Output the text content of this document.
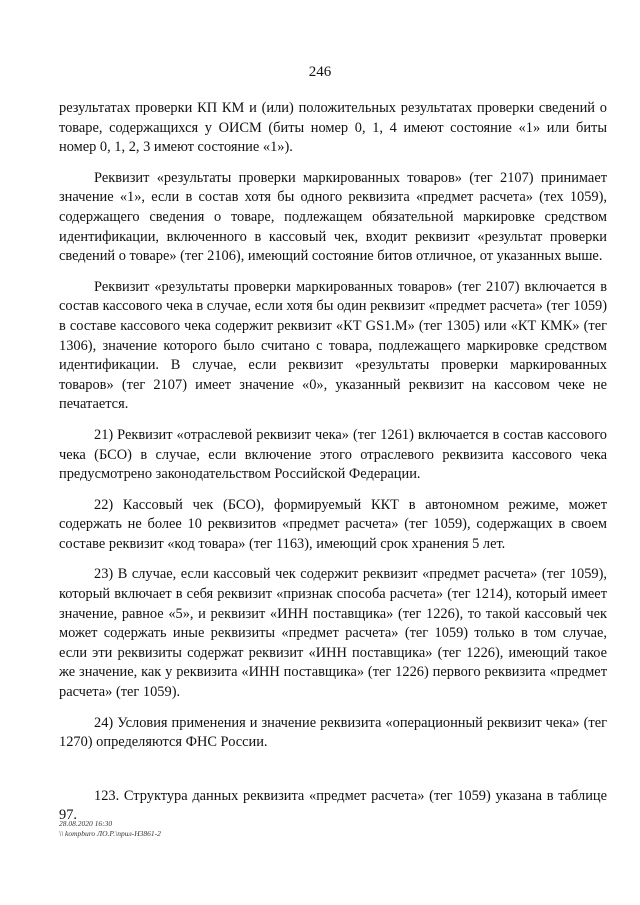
246

результатах проверки КП КМ и (или) положительных результатах проверки сведений о товаре, содержащихся у ОИСМ (биты номер 0, 1, 4 имеют состояние «1» или биты номер 0, 1, 2, 3 имеют состояние «1»).

Реквизит «результаты проверки маркированных товаров» (тег 2107) принимает значение «1», если в состав хотя бы одного реквизита «предмет расчета» (тех 1059), содержащего сведения о товаре, подлежащем обязательной маркировке средством идентификации, включенного в кассовый чек, входит реквизит «результат проверки сведений о товаре» (тег 2106), имеющий состояние битов отличное, от указанных выше.

Реквизит «результаты проверки маркированных товаров» (тег 2107) включается в состав кассового чека в случае, если хотя бы один реквизит «предмет расчета» (тег 1059) в составе кассового чека содержит реквизит «КТ GS1.M» (тег 1305) или «КТ КМК» (тег 1306), значение которого было считано с товара, подлежащего маркировке средством идентификации. В случае, если реквизит «результаты проверки маркированных товаров» (тег 2107) имеет значение «0», указанный реквизит на кассовом чеке не печатается.

21) Реквизит «отраслевой реквизит чека» (тег 1261) включается в состав кассового чека (БСО) в случае, если включение этого отраслевого реквизита кассового чека предусмотрено законодательством Российской Федерации.

22) Кассовый чек (БСО), формируемый ККТ в автономном режиме, может содержать не более 10 реквизитов «предмет расчета» (тег 1059), содержащих в своем составе реквизит «код товара» (тег 1163), имеющий срок хранения 5 лет.

23) В случае, если кассовый чек содержит реквизит «предмет расчета» (тег 1059), который включает в себя реквизит «признак способа расчета» (тег 1214), который имеет значение, равное «5», и реквизит «ИНН поставщика» (тег 1226), то такой кассовый чек может содержать иные реквизиты «предмет расчета» (тег 1059) только в том случае, если эти реквизиты содержат реквизит «ИНН поставщика» (тег 1226), имеющий такое же значение, как у реквизита «ИНН поставщика» (тег 1226) первого реквизита «предмет расчета» (тег 1059).

24) Условия применения и значение реквизита «операционный реквизит чека» (тег 1270) определяются ФНС России.

123. Структура данных реквизита «предмет расчета» (тег 1059) указана в таблице 97.

28.08.2020 16:30
\\ kompburo ЛО.Р.\прил-Н3861-2
